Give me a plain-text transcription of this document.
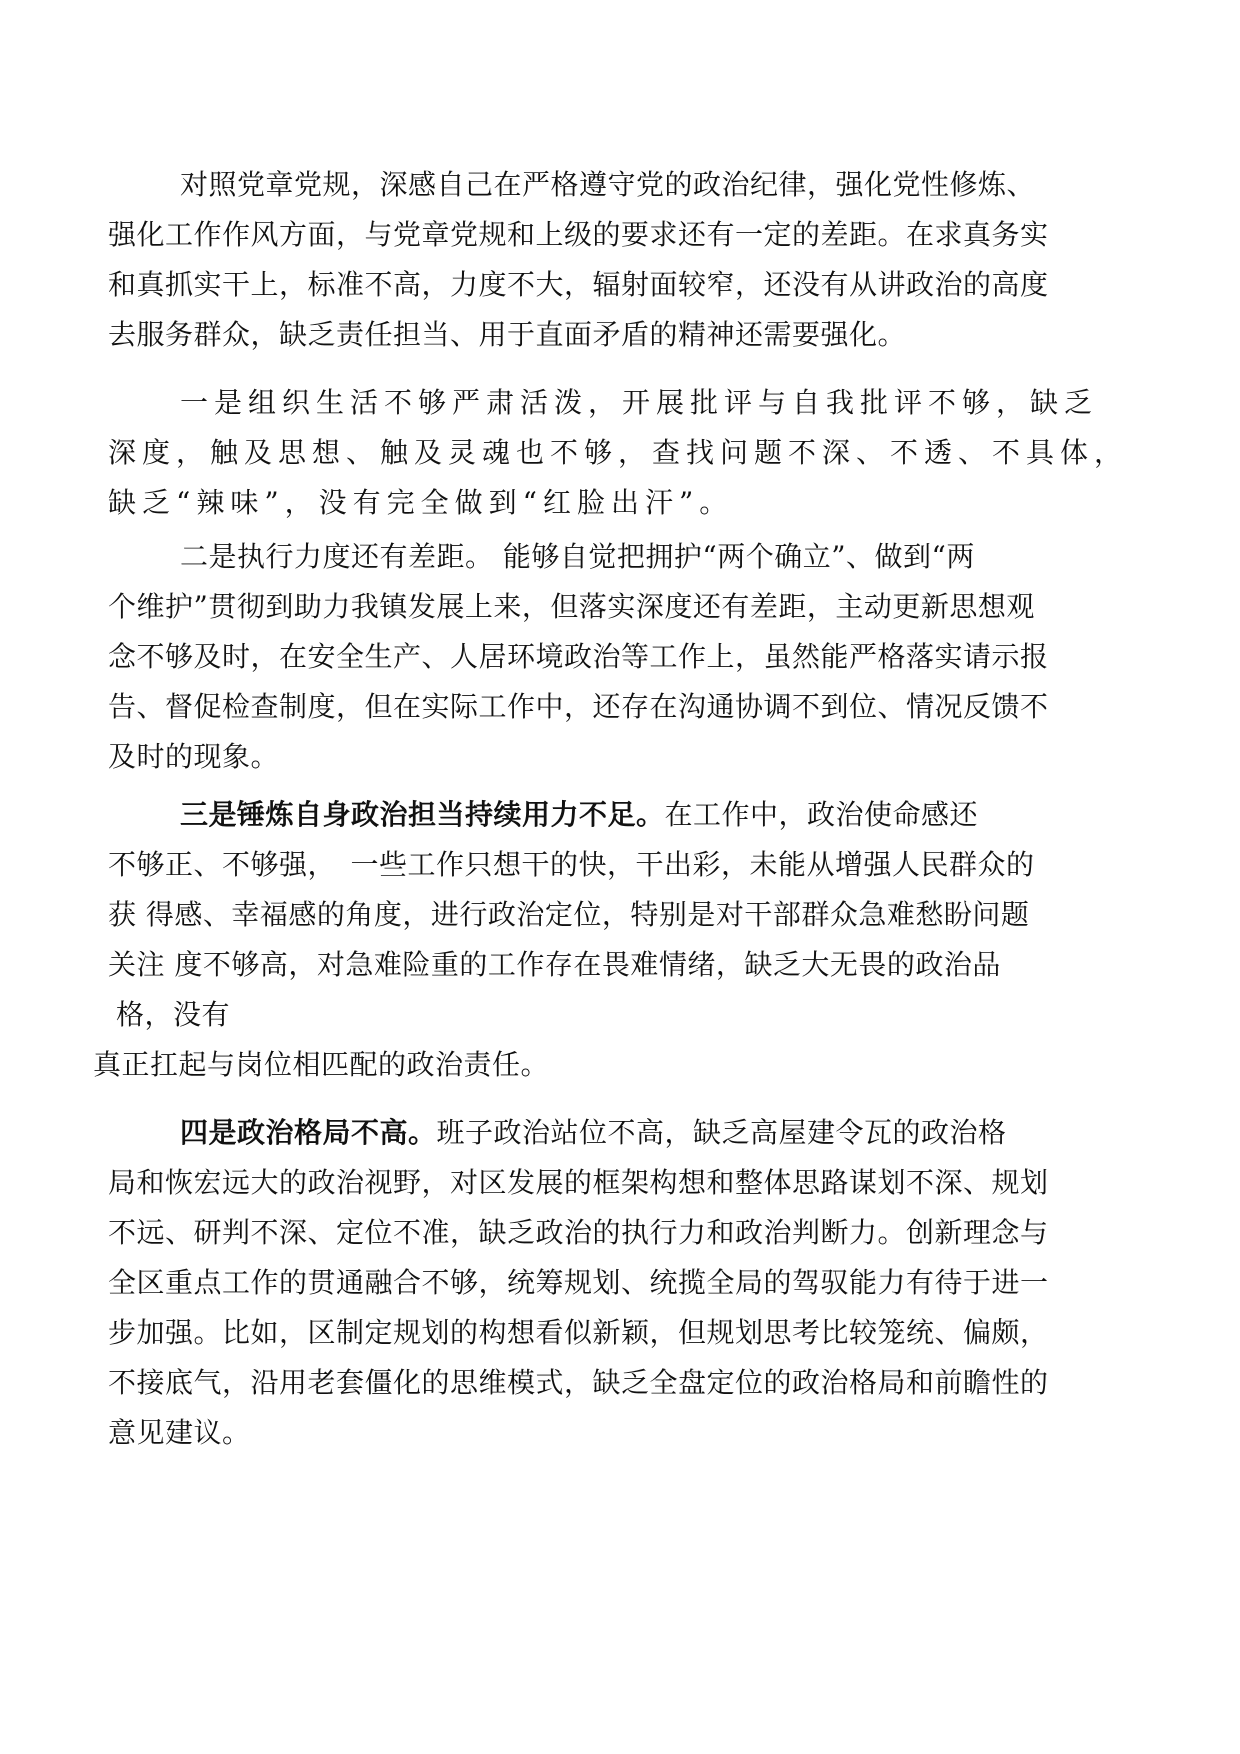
对照党章党规，深感自己在严格遵守党的政治纪律，强化党性修炼、
强化工作作风方面，与党章党规和上级的要求还有一定的差距。在求真务实
和真抓实干上，标准不高，力度不大，辐射面较窄，还没有从讲政治的高度
去服务群众，缺乏责任担当、用于直面矛盾的精神还需要强化。
一是组织生活不够严肃活泼，开展批评与自我批评不够，缺乏
深度，触及思想、触及灵魂也不够，查找问题不深、不透、不具体，
缺乏“辣味”，没有完全做到“红脸出汗”。
二是执行力度还有差距。 能够自觉把拥护“两个确立”、做到“两
个维护”贯彻到助力我镇发展上来，但落实深度还有差距，主动更新思想观
念不够及时，在安全生产、人居环境政治等工作上，虽然能严格落实请示报
告、督促检查制度，但在实际工作中，还存在沟通协调不到位、情况反馈不
及时的现象。
三是锤炼自身政治担当持续用力不足。在工作中，政治使命感还
不够正、不够强，　一些工作只想干的快，干出彩，未能从增强人民群众的
获 得感、幸福感的角度，进行政治定位，特别是对干部群众急难愁盼问题
关注 度不够高，对急难险重的工作存在畏难情绪，缺乏大无畏的政治品
格，没有
真正扛起与岗位相匹配的政治责任。
四是政治格局不高。班子政治站位不高，缺乏高屋建令瓦的政治格
局和恢宏远大的政治视野，对区发展的框架构想和整体思路谋划不深、规划
不远、研判不深、定位不准，缺乏政治的执行力和政治判断力。创新理念与
全区重点工作的贯通融合不够，统筹规划、统揽全局的驾驭能力有待于进一
步加强。比如，区制定规划的构想看似新颖，但规划思考比较笼统、偏颇，
不接底气，沿用老套僵化的思维模式，缺乏全盘定位的政治格局和前瞻性的
意见建议。
